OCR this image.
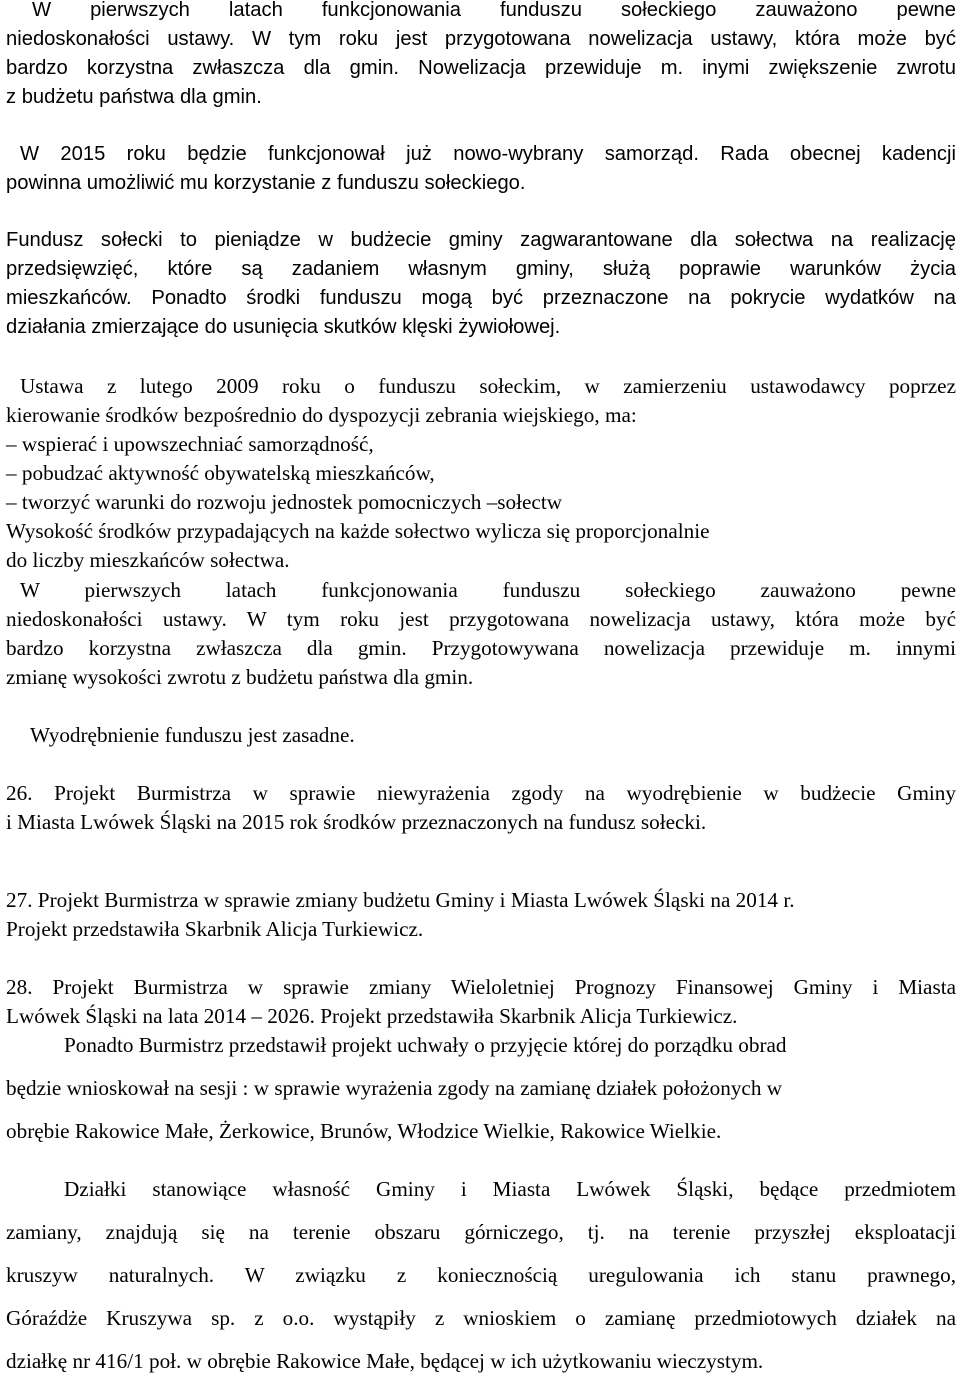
W pierwszych latach funkcjonowania funduszu sołeckiego zauważono pewne

niedoskonałości ustawy. W tym roku jest przygotowana nowelizacja ustawy, która może być

bardzo korzystna zwłaszcza dla gmin. Nowelizacja przewiduje m. inymi zwiększenie zwrotu

z budżetu państwa dla gmin.

W 2015 roku będzie funkcjonował już nowo-wybrany samorząd. Rada obecnej kadencji

powinna umożliwić mu korzystanie z funduszu sołeckiego.

Fundusz sołecki to pieniądze w budżecie gminy zagwarantowane dla sołectwa na realizację

przedsięwzięć, które są zadaniem własnym gminy, służą poprawie warunków życia

mieszkańców. Ponadto środki funduszu mogą być przeznaczone na pokrycie wydatków na

działania zmierzające do usunięcia skutków klęski żywiołowej.

Ustawa z lutego 2009 roku o funduszu sołeckim, w zamierzeniu ustawodawcy poprzez

kierowanie środków bezpośrednio do dyspozycji zebrania wiejskiego, ma:

– wspierać i upowszechniać samorządność,

– pobudzać aktywność obywatelską mieszkańców,

– tworzyć warunki do rozwoju jednostek pomocniczych –sołectw

Wysokość środków przypadających na każde sołectwo wylicza się proporcjonalnie

do liczby mieszkańców sołectwa.

W pierwszych latach funkcjonowania funduszu sołeckiego zauważono pewne

niedoskonałości ustawy. W tym roku jest przygotowana nowelizacja ustawy, która może być

bardzo korzystna zwłaszcza dla gmin. Przygotowywana nowelizacja przewiduje m. innymi

zmianę wysokości zwrotu z budżetu państwa dla gmin.

Wyodrębnienie funduszu jest zasadne.

26. Projekt Burmistrza w sprawie niewyrażenia zgody na wyodrębienie w budżecie Gminy

i Miasta Lwówek Śląski na 2015 rok środków przeznaczonych na fundusz sołecki.

27. Projekt Burmistrza w sprawie zmiany budżetu Gminy i Miasta Lwówek Śląski na 2014 r.

Projekt przedstawiła Skarbnik Alicja Turkiewicz.

28. Projekt Burmistrza w sprawie zmiany Wieloletniej Prognozy Finansowej Gminy i Miasta

Lwówek Śląski na lata 2014 – 2026. Projekt przedstawiła Skarbnik Alicja Turkiewicz.

Ponadto Burmistrz przedstawił projekt uchwały o przyjęcie której do porządku obrad

będzie wnioskował na sesji : w sprawie wyrażenia zgody na zamianę działek położonych w

obrębie Rakowice Małe, Żerkowice, Brunów, Włodzice Wielkie, Rakowice Wielkie.

Działki stanowiące własność Gminy i Miasta Lwówek Śląski, będące przedmiotem

zamiany, znajdują się na terenie obszaru górniczego, tj. na terenie przyszłej eksploatacji

kruszyw naturalnych. W związku z koniecznością uregulowania ich stanu prawnego,

Góraźdże Kruszywa sp. z o.o. wystąpiły z wnioskiem o zamianę przedmiotowych działek na

działkę nr 416/1 poł. w obrębie Rakowice Małe, będącej w ich użytkowaniu wieczystym.
